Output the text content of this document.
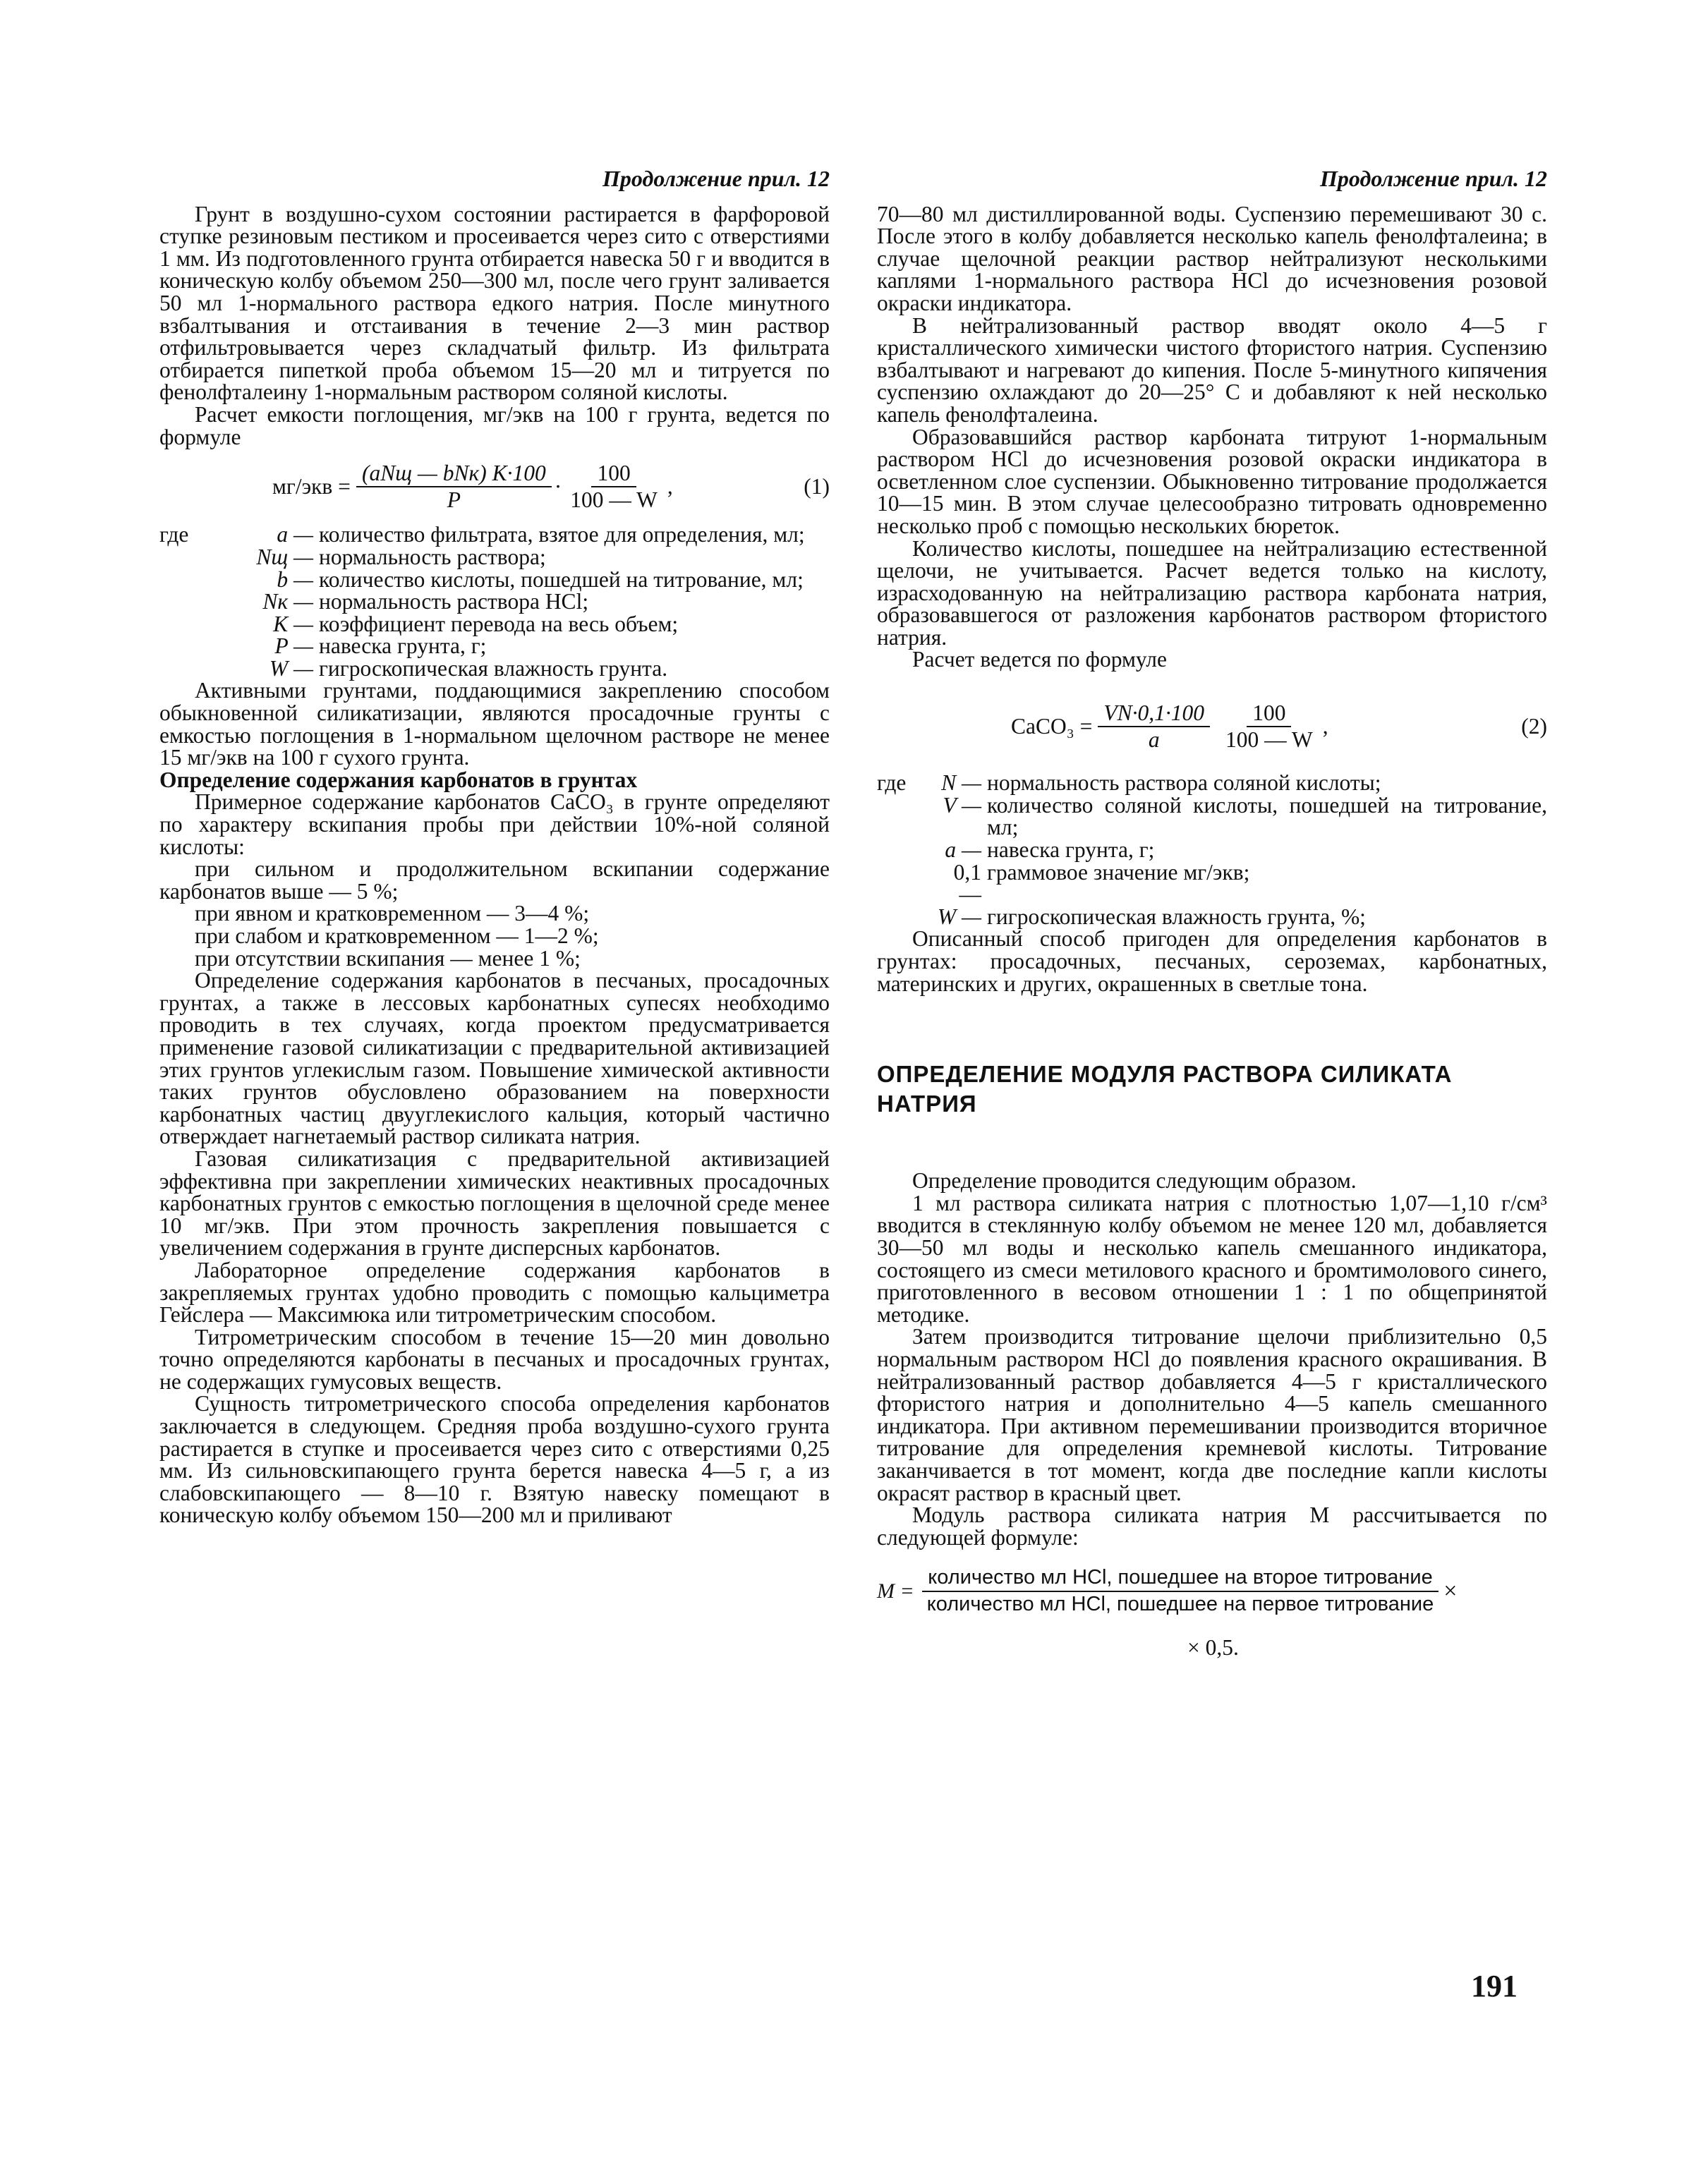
Продолжение прил. 12

Грунт в воздушно-сухом состоянии растирается в фарфоровой ступке резиновым пестиком и просеивается через сито с отверстиями 1 мм. Из подготовленного грунта отбирается навеска 50 г и вводится в коническую колбу объемом 250—300 мл, после чего грунт заливается 50 мл 1-нормального раствора едкого натрия. После минутного взбалтывания и отстаивания в течение 2—3 мин раствор отфильтровывается через складчатый фильтр. Из фильтрата отбирается пипеткой проба объемом 15—20 мл и титруется по фенолфталеину 1-нормальным раствором соляной кислоты.

Расчет емкости поглощения, мг/экв на 100 г грунта, ведется по формуле

$мг/экв = \frac{\text{(aNщ — bNк) K·100}}{P} \cdot \frac{100}{100 — W}$ ,	(1)
где	a — количество фильтрата, взятое для определения, мл;
Nщ — нормальность раствора;
b — количество кислоты, пошедшей на титрование, мл;
Nк — нормальность раствора HCl;
K — коэффициент перевода на весь объем;
P — навеска грунта, г;
W — гигроскопическая влажность грунта.

Активными грунтами, поддающимися закреплению способом обыкновенной силикатизации, являются просадочные грунты с емкостью поглощения в 1-нормальном щелочном растворе не менее 15 мг/экв на 100 г сухого грунта.

Определение содержания карбонатов в грунтах

Примерное содержание карбонатов CaCO₃ в грунте определяют по характеру вскипания пробы при действии 10%-ной соляной кислоты:

при сильном и продолжительном вскипании содержание карбонатов выше — 5 %;

при явном и кратковременном — 3—4 %;

при слабом и кратковременном — 1—2 %;

при отсутствии вскипания — менее 1 %;

Определение содержания карбонатов в песчаных, просадочных грунтах, а также в лессовых карбонатных супесях необходимо проводить в тех случаях, когда проектом предусматривается применение газовой силикатизации с предварительной активизацией этих грунтов углекислым газом. Повышение химической активности таких грунтов обусловлено образованием на поверхности карбонатных частиц двууглекислого кальция, который частично отверждает нагнетаемый раствор силиката натрия.

Газовая силикатизация с предварительной активизацией эффективна при закреплении химических неактивных просадочных карбонатных грунтов с емкостью поглощения в щелочной среде менее 10 мг/экв. При этом прочность закрепления повышается с увеличением содержания в грунте дисперсных карбонатов.

Лабораторное определение содержания карбонатов в закрепляемых грунтах удобно проводить с помощью кальциметра Гейслера — Максимюка или титрометрическим способом.

Титрометрическим способом в течение 15—20 мин довольно точно определяются карбонаты в песчаных и просадочных грунтах, не содержащих гумусовых веществ.

Сущность титрометрического способа определения карбонатов заключается в следующем. Средняя проба воздушно-сухого грунта растирается в ступке и просеивается через сито с отверстиями 0,25 мм. Из сильновскипающего грунта берется навеска 4—5 г, а из слабовскипающего — 8—10 г. Взятую навеску помещают в коническую колбу объемом 150—200 мл и приливают

Продолжение прил. 12

70—80 мл дистиллированной воды. Суспензию перемешивают 30 с. После этого в колбу добавляется несколько капель фенолфталеина; в случае щелочной реакции раствор нейтрализуют несколькими каплями 1-нормального раствора HCl до исчезновения розовой окраски индикатора.

В нейтрализованный раствор вводят около 4—5 г кристаллического химически чистого фтористого натрия. Суспензию взбалтывают и нагревают до кипения. После 5-минутного кипячения суспензию охлаждают до 20—25° С и добавляют к ней несколько капель фенолфталеина.

Образовавшийся раствор карбоната титруют 1-нормальным раствором HCl до исчезновения розовой окраски индикатора в осветленном слое суспензии. Обыкновенно титрование продолжается 10—15 мин. В этом случае целесообразно титровать одновременно несколько проб с помощью нескольких бюреток.

Количество кислоты, пошедшее на нейтрализацию естественной щелочи, не учитывается. Расчет ведется только на кислоту, израсходованную на нейтрализацию раствора карбоната натрия, образовавшегося от разложения карбонатов раствором фтористого натрия.

Расчет ведется по формуле

CaCO₃ = $\frac{VN\cdot 0,1\cdot 100}{a} \frac{100}{100 — W}$ ,	(2)
где	N — нормальность раствора соляной кислоты;
V — количество соляной кислоты, пошедшей на титрование, мл;
a — навеска грунта, г;
0,1 —
граммовое значение мг/экв;
W — гигроскопическая влажность грунта, %;

Описанный способ пригоден для определения карбонатов в грунтах: просадочных, песчаных, сероземах, карбонатных, материнских и других, окрашенных в светлые тона.

ОПРЕДЕЛЕНИЕ МОДУЛЯ РАСТВОРА СИЛИКАТА НАТРИЯ

Определение проводится следующим образом.

1 мл раствора силиката натрия с плотностью 1,07—1,10 г/см³ вводится в стеклянную колбу объемом не менее 120 мл, добавляется 30—50 мл воды и несколько капель смешанного индикатора, состоящего из смеси метилового красного и бромтимолового синего, приготовленного в весовом отношении 1 : 1 по общепринятой методике.

Затем производится титрование щелочи приблизительно 0,5 нормальным раствором HCl до появления красного окрашивания. В нейтрализованный раствор добавляется 4—5 г кристаллического фтористого натрия и дополнительно 4—5 капель смешанного индикатора. При активном перемешивании производится вторичное титрование для определения кремневой кислоты. Титрование заканчивается в тот момент, когда две последние капли кислоты окрасят раствор в красный цвет.

Модуль раствора силиката натрия M рассчитывается по следующей формуле:

$M = \frac{\text{количество мл HCl, пошедшее на второе титрование}}{\text{количество мл HCl, пошедшее на первое титрование}}$ ×
× 0,5.
191
